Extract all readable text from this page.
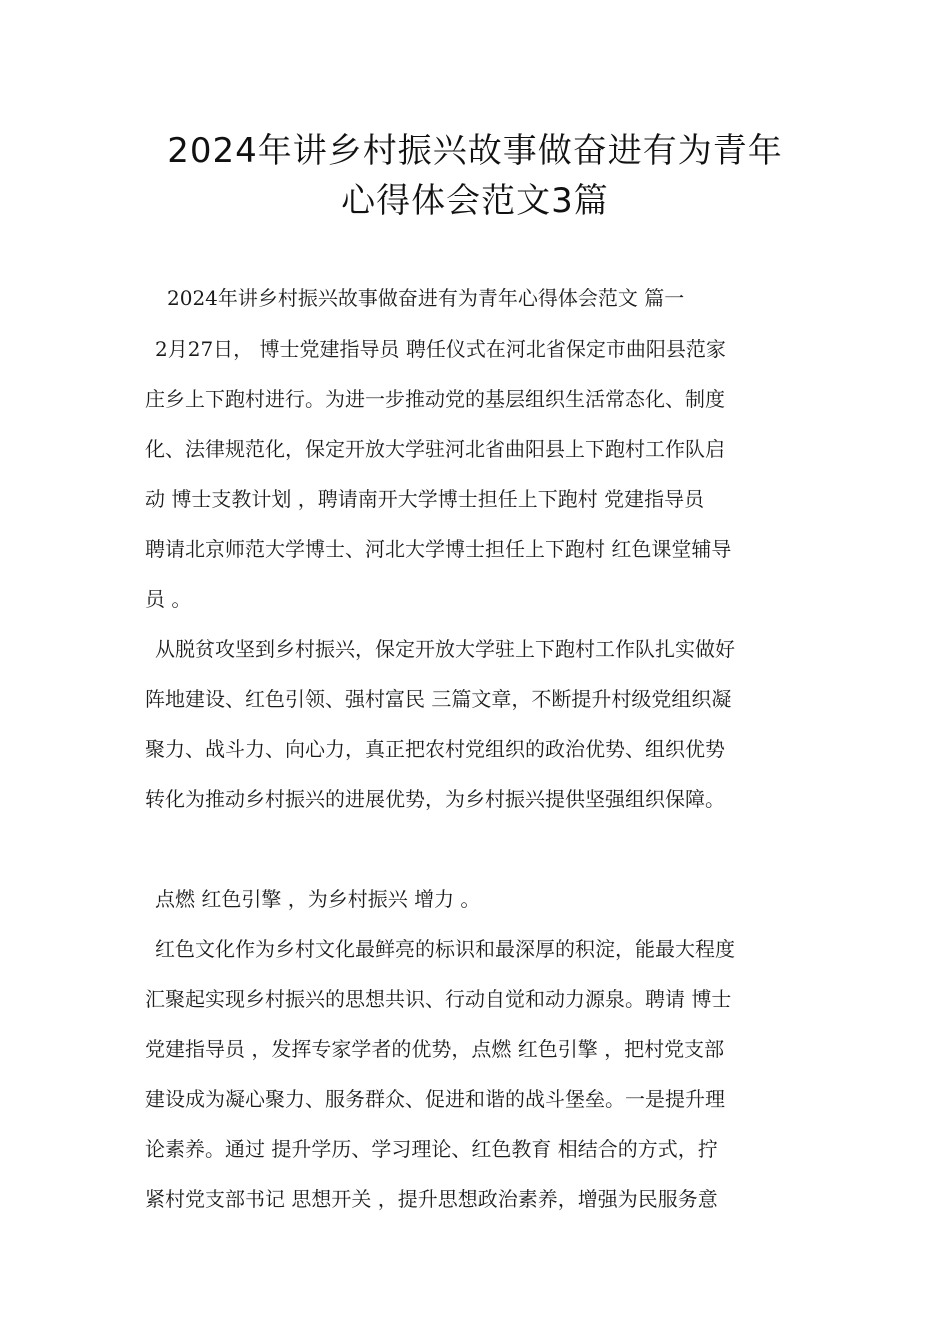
2024年讲乡村振兴故事做奋进有为青年
心得体会范文3篇
2024年讲乡村振兴故事做奋进有为青年心得体会范文 篇一
2月27日， 博士党建指导员 聘任仪式在河北省保定市曲阳县范家
庄乡上下跑村进行。为进一步推动党的基层组织生活常态化、制度
化、法律规范化，保定开放大学驻河北省曲阳县上下跑村工作队启
动 博士支教计划 ，聘请南开大学博士担任上下跑村 党建指导员
聘请北京师范大学博士、河北大学博士担任上下跑村 红色课堂辅导
员 。
从脱贫攻坚到乡村振兴，保定开放大学驻上下跑村工作队扎实做好
阵地建设、红色引领、强村富民 三篇文章，不断提升村级党组织凝
聚力、战斗力、向心力，真正把农村党组织的政治优势、组织优势
转化为推动乡村振兴的进展优势，为乡村振兴提供坚强组织保障。
点燃 红色引擎 ，为乡村振兴 增力 。
红色文化作为乡村文化最鲜亮的标识和最深厚的积淀，能最大程度
汇聚起实现乡村振兴的思想共识、行动自觉和动力源泉。聘请 博士
党建指导员 ，发挥专家学者的优势，点燃 红色引擎 ，把村党支部
建设成为凝心聚力、服务群众、促进和谐的战斗堡垒。一是提升理
论素养。通过 提升学历、学习理论、红色教育 相结合的方式，拧
紧村党支部书记 思想开关 ，提升思想政治素养，增强为民服务意
